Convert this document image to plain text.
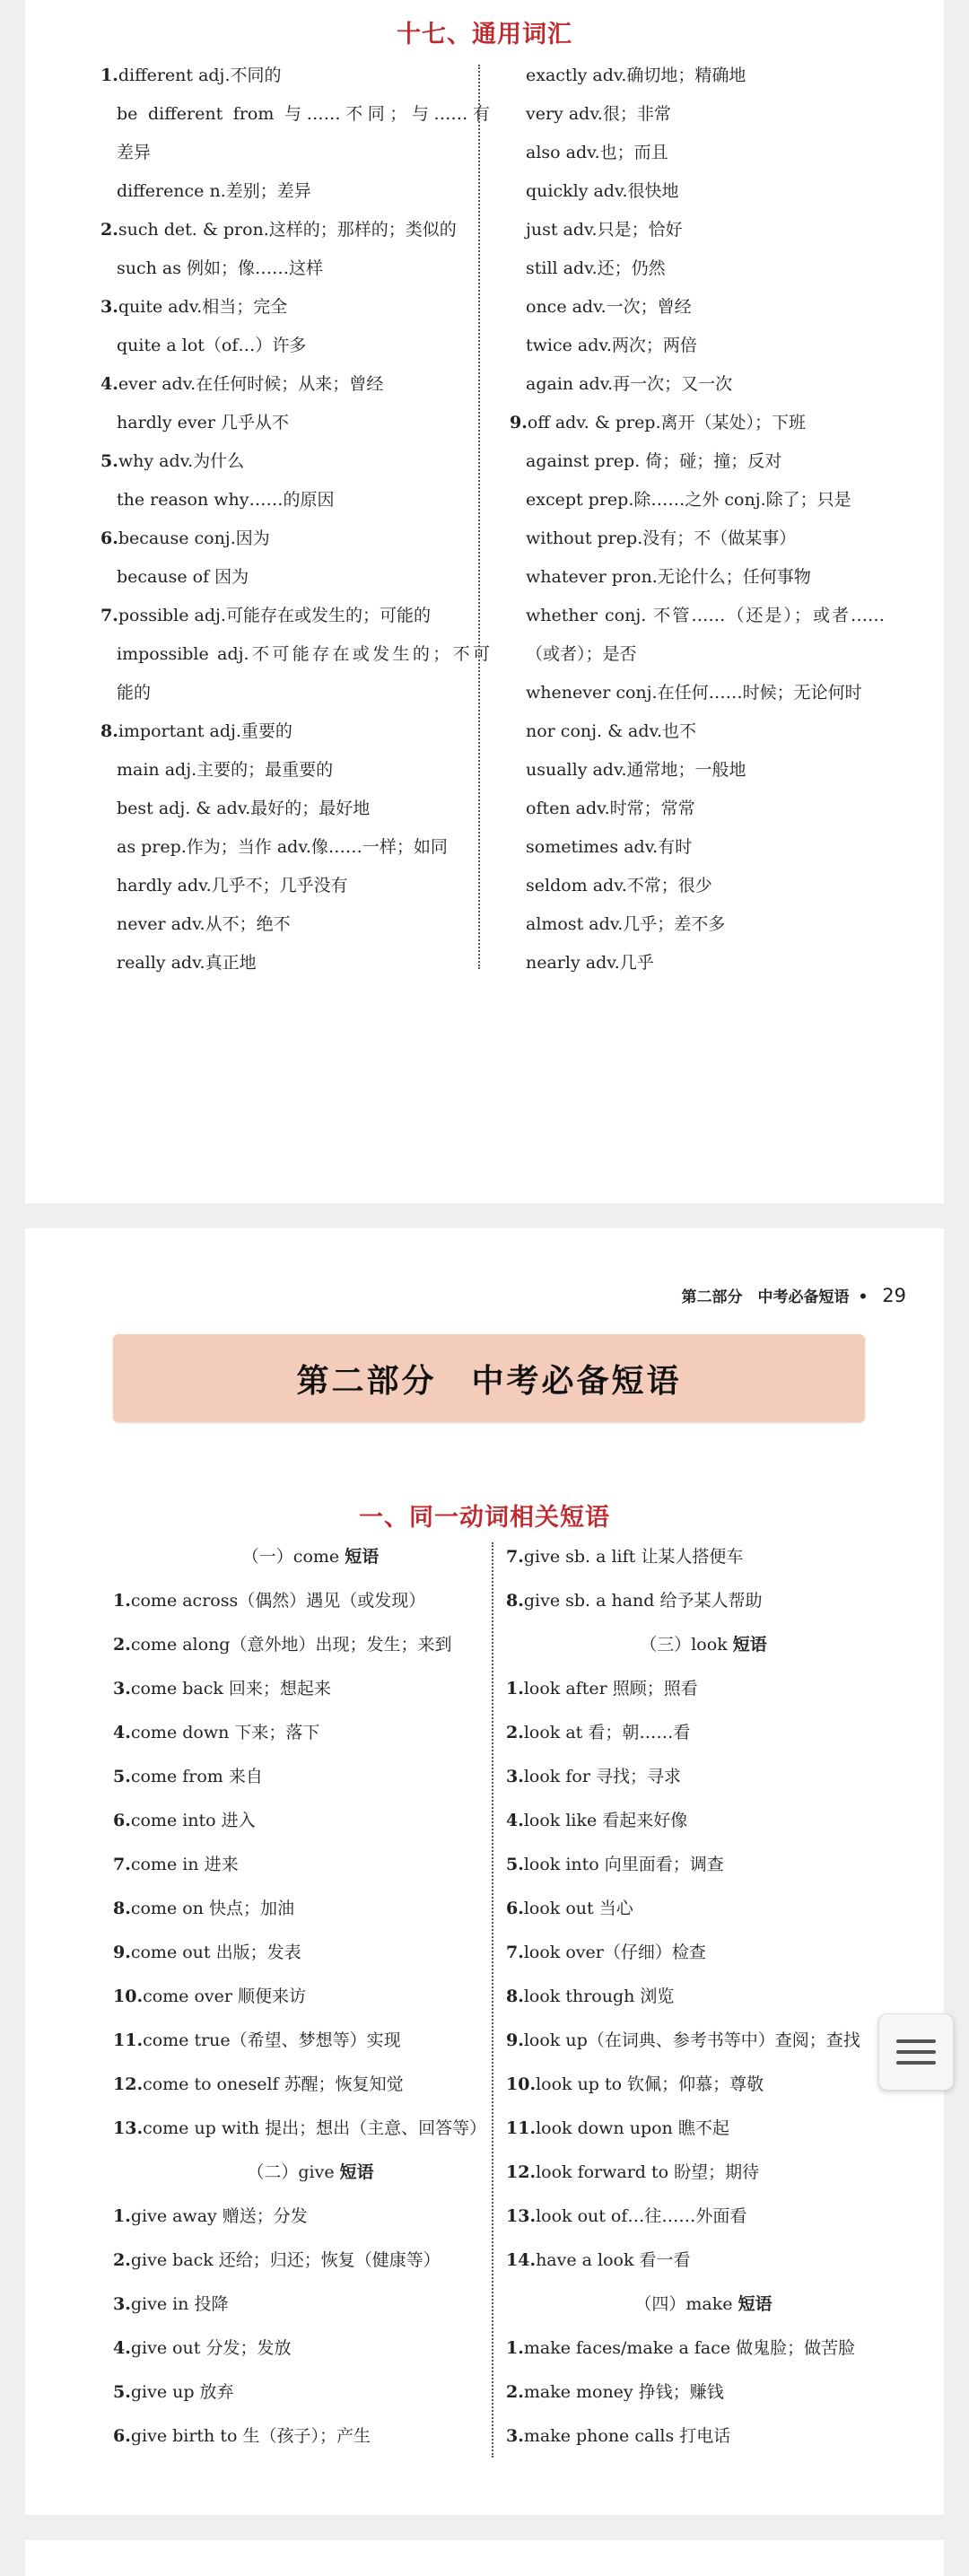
十七、通用词汇
1.different adj.不同的
be different from 与……不同；与……有
差异
difference n.差别；差异
2.such det. & pron.这样的；那样的；类似的
such as 例如；像……这样
3.quite adv.相当；完全
quite a lot（of…）许多
4.ever adv.在任何时候；从来；曾经
hardly ever 几乎从不
5.why adv.为什么
the reason why……的原因
6.because conj.因为
because of 因为
7.possible adj.可能存在或发生的；可能的
impossible adj.不可能存在或发生的；不可
能的
8.important adj.重要的
main adj.主要的；最重要的
best adj. & adv.最好的；最好地
as prep.作为；当作 adv.像……一样；如同
hardly adv.几乎不；几乎没有
never adv.从不；绝不
really adv.真正地
exactly adv.确切地；精确地
very adv.很；非常
also adv.也；而且
quickly adv.很快地
just adv.只是；恰好
still adv.还；仍然
once adv.一次；曾经
twice adv.两次；两倍
again adv.再一次；又一次
9.off adv. & prep.离开（某处）；下班
against prep. 倚；碰；撞；反对
except prep.除……之外 conj.除了；只是
without prep.没有；不（做某事）
whatever pron.无论什么；任何事物
whether conj. 不管……（还是）；或者……
（或者）；是否
whenever conj.在任何……时候；无论何时
nor conj. & adv.也不
usually adv.通常地；一般地
often adv.时常；常常
sometimes adv.有时
seldom adv.不常；很少
almost adv.几乎；差不多
nearly adv.几乎
第二部分　中考必备短语 • 29
第二部分　中考必备短语
一、同一动词相关短语
（一）come 短语
1.come across（偶然）遇见（或发现）
2.come along（意外地）出现；发生；来到
3.come back 回来；想起来
4.come down 下来；落下
5.come from 来自
6.come into 进入
7.come in 进来
8.come on 快点；加油
9.come out 出版；发表
10.come over 顺便来访
11.come true（希望、梦想等）实现
12.come to oneself 苏醒；恢复知觉
13.come up with 提出；想出（主意、回答等）
（二）give 短语
1.give away 赠送；分发
2.give back 还给；归还；恢复（健康等）
3.give in 投降
4.give out 分发；发放
5.give up 放弃
6.give birth to 生（孩子）；产生
7.give sb. a lift 让某人搭便车
8.give sb. a hand 给予某人帮助
（三）look 短语
1.look after 照顾；照看
2.look at 看；朝……看
3.look for 寻找；寻求
4.look like 看起来好像
5.look into 向里面看；调查
6.look out 当心
7.look over（仔细）检查
8.look through 浏览
9.look up（在词典、参考书等中）查阅；查找
10.look up to 钦佩；仰慕；尊敬
11.look down upon 瞧不起
12.look forward to 盼望；期待
13.look out of…往……外面看
14.have a look 看一看
（四）make 短语
1.make faces/make a face 做鬼脸；做苦脸
2.make money 挣钱；赚钱
3.make phone calls 打电话
